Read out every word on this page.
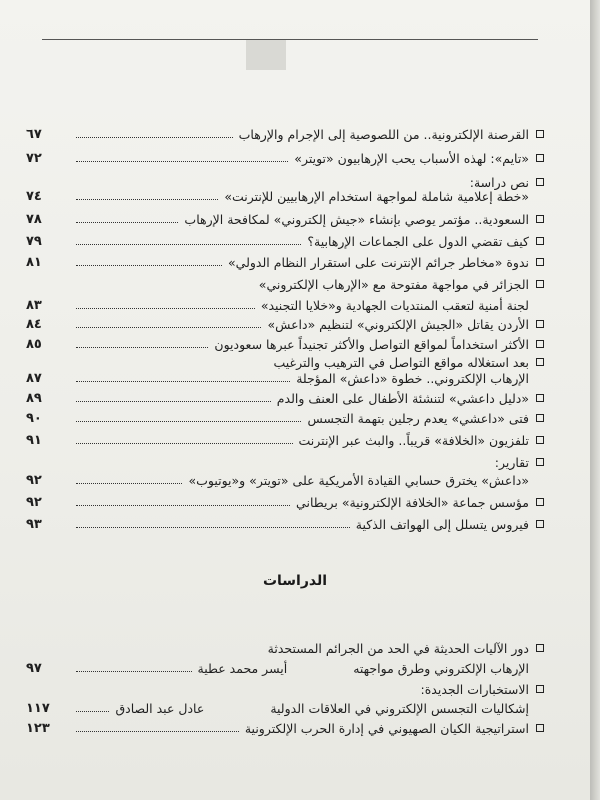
القرصنة الإلكترونية.. من اللصوصية إلى الإجرام والإرهاب
٦٧
«تايم»: لهذه الأسباب يحب الإرهابيون «تويتر»
٧٢
نص دراسة:
«خطة إعلامية شاملة لمواجهة استخدام الإرهابيين للإنترنت»
٧٤
السعودية.. مؤتمر يوصي بإنشاء «جيش إلكتروني» لمكافحة الإرهاب
٧٨
كيف تقضي الدول على الجماعات الإرهابية؟
٧٩
ندوة «مخاطر جرائم الإنترنت على استقرار النظام الدولي»
٨١
الجزائر في مواجهة مفتوحة مع «الإرهاب الإلكتروني»
لجنة أمنية لتعقب المنتديات الجهادية و«خلايا التجنيد»
٨٣
الأردن يقاتل «الجيش الإلكتروني» لتنظيم «داعش»
٨٤
الأكثر استخداماً لمواقع التواصل والأكثر تجنيداً عبرها سعوديون
٨٥
بعد استغلاله مواقع التواصل في الترهيب والترغيب
الإرهاب الإلكتروني.. خطوة «داعش» المؤجلة
٨٧
«دليل داعشي» لتنشئة الأطفال على العنف والدم
٨٩
فتى «داعشي» يعدم رجلين بتهمة التجسس
٩٠
تلفزيون «الخلافة» قريباً.. والبث عبر الإنترنت
٩١
تقارير:
«داعش» يخترق حسابي القيادة الأمريكية على «تويتر» و«يوتيوب»
٩٢
مؤسس جماعة «الخلافة الإلكترونية» بريطاني
٩٢
فيروس يتسلل إلى الهواتف الذكية
٩٣
الدراسات
دور الآليات الحديثة في الحد من الجرائم المستحدثة
الإرهاب الإلكتروني وطرق مواجهته
أيسر محمد عطية
٩٧
الاستخبارات الجديدة:
إشكاليات التجسس الإلكتروني في العلاقات الدولية
عادل عبد الصادق
١١٧
استراتيجية الكيان الصهيوني في إدارة الحرب الإلكترونية
١٢٣
